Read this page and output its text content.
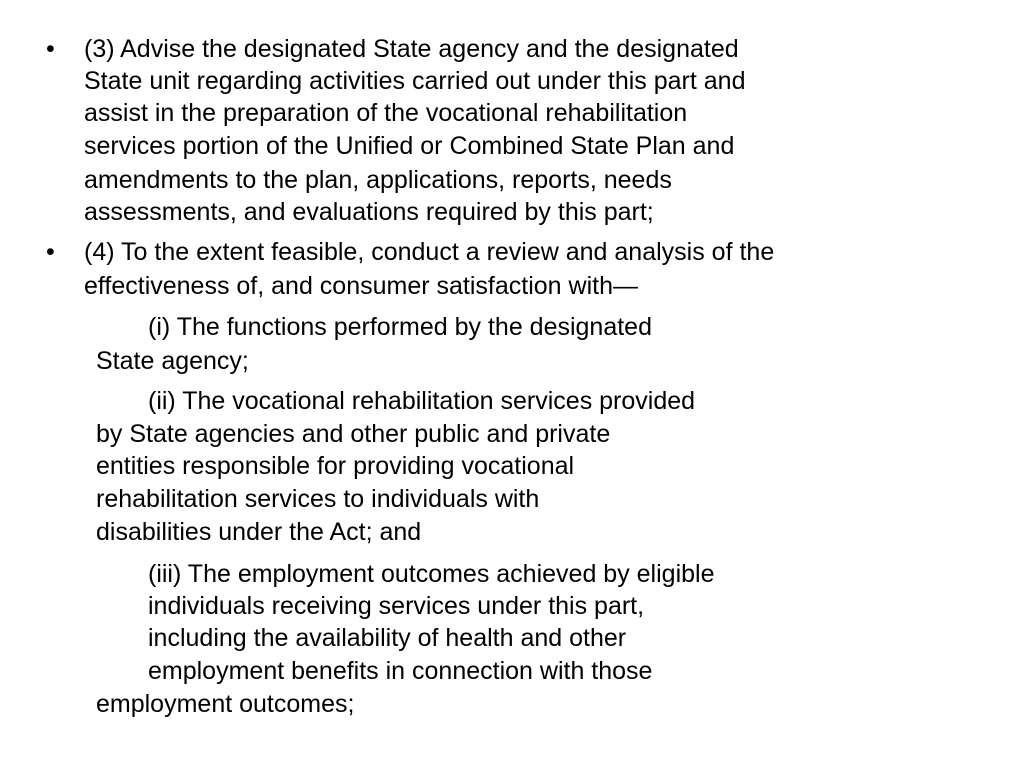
• (3) Advise the designated State agency and the designated
State unit regarding activities carried out under this part and
assist in the preparation of the vocational rehabilitation
services portion of the Unified or Combined State Plan and
amendments to the plan, applications, reports, needs
assessments, and evaluations required by this part;
• (4) To the extent feasible, conduct a review and analysis of the
effectiveness of, and consumer satisfaction with—
(i) The functions performed by the designated
State agency;
(ii) The vocational rehabilitation services provided
by State agencies and other public and private
entities responsible for providing vocational
rehabilitation services to individuals with
disabilities under the Act; and
(iii) The employment outcomes achieved by eligible
individuals receiving services under this part,
including the availability of health and other
employment benefits in connection with those
employment outcomes;
